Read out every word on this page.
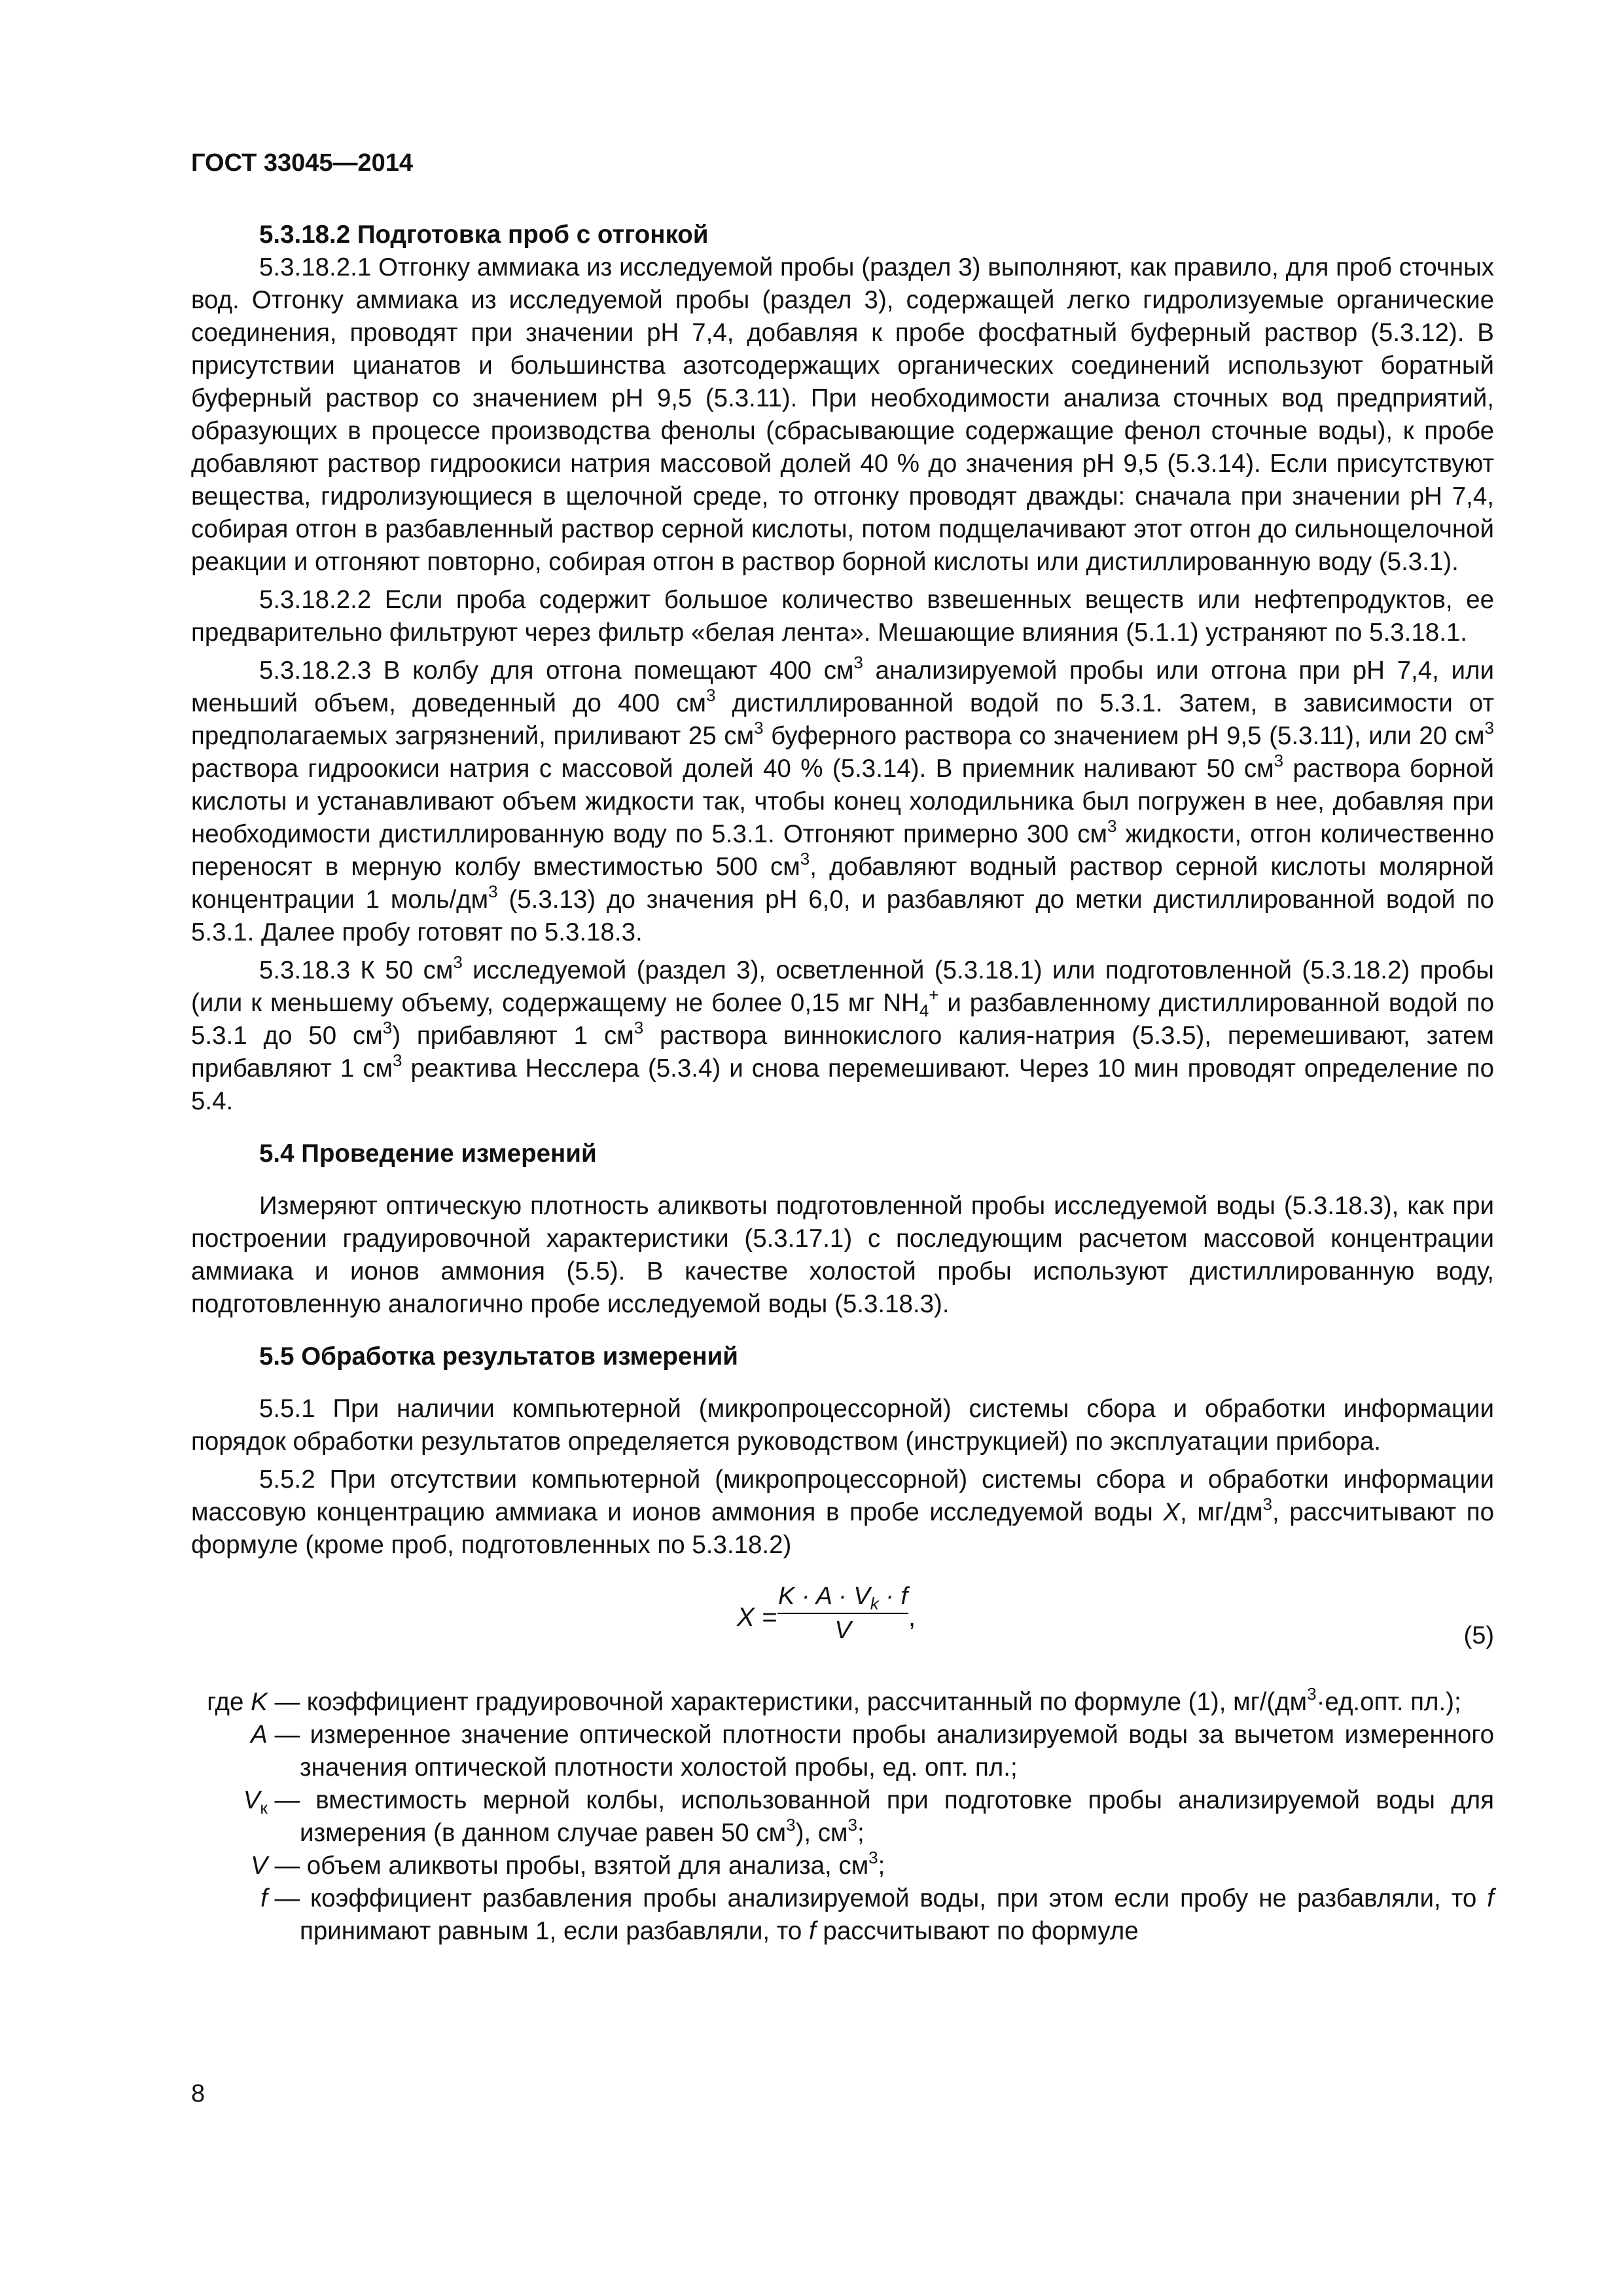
ГОСТ 33045—2014

5.3.18.2 Подготовка проб с отгонкой

5.3.18.2.1 Отгонку аммиака из исследуемой пробы (раздел 3) выполняют, как правило, для проб сточных вод. Отгонку аммиака из исследуемой пробы (раздел 3), содержащей легко гидролизуемые органические соединения, проводят при значении pH 7,4, добавляя к пробе фосфатный буферный раствор (5.3.12). В присутствии цианатов и большинства азотсодержащих органических соединений используют боратный буферный раствор со значением pH 9,5 (5.3.11). При необходимости анализа сточных вод предприятий, образующих в процессе производства фенолы (сбрасывающие содержащие фенол сточные воды), к пробе добавляют раствор гидроокиси натрия массовой долей 40 % до значения pH 9,5 (5.3.14). Если присутствуют вещества, гидролизующиеся в щелочной среде, то отгонку проводят дважды: сначала при значении pH 7,4, собирая отгон в разбавленный раствор серной кислоты, потом подщелачивают этот отгон до сильнощелочной реакции и отгоняют повторно, собирая отгон в раствор борной кислоты или дистиллированную воду (5.3.1).

5.3.18.2.2 Если проба содержит большое количество взвешенных веществ или нефтепродуктов, ее предварительно фильтруют через фильтр «белая лента». Мешающие влияния (5.1.1) устраняют по 5.3.18.1.

5.3.18.2.3 В колбу для отгона помещают 400 $см^3$ анализируемой пробы или отгона при pH 7,4, или меньший объем, доведенный до 400 $см^3$ дистиллированной водой по 5.3.1. Затем, в зависимости от предполагаемых загрязнений, приливают 25 $см^3$ буферного раствора со значением pH 9,5 (5.3.11), или 20 $см^3$ раствора гидроокиси натрия с массовой долей 40 % (5.3.14). В приемник наливают 50 $см^3$ раствора борной кислоты и устанавливают объем жидкости так, чтобы конец холодильника был погружен в нее, добавляя при необходимости дистиллированную воду по 5.3.1. Отгоняют примерно 300 $см^3$ жидкости, отгон количественно переносят в мерную колбу вместимостью 500 $см^3$, добавляют водный раствор серной кислоты молярной концентрации 1 моль/$дм^3$ (5.3.13) до значения pH 6,0, и разбавляют до метки дистиллированной водой по 5.3.1. Далее пробу готовят по 5.3.18.3.

5.3.18.3 К 50 $см^3$ исследуемой (раздел 3), осветленной (5.3.18.1) или подготовленной (5.3.18.2) пробы (или к меньшему объему, содержащему не более 0,15 мг $NH_4^+$ и разбавленному дистиллированной водой по 5.3.1 до 50 $см^3$) прибавляют 1 $см^3$ раствора виннокислого калия-натрия (5.3.5), перемешивают, затем прибавляют 1 $см^3$ реактива Несслера (5.3.4) и снова перемешивают. Через 10 мин проводят определение по 5.4.

5.4 Проведение измерений

Измеряют оптическую плотность аликвоты подготовленной пробы исследуемой воды (5.3.18.3), как при построении градуировочной характеристики (5.3.17.1) с последующим расчетом массовой концентрации аммиака и ионов аммония (5.5). В качестве холостой пробы используют дистиллированную воду, подготовленную аналогично пробе исследуемой воды (5.3.18.3).

5.5 Обработка результатов измерений

5.5.1 При наличии компьютерной (микропроцессорной) системы сбора и обработки информации порядок обработки результатов определяется руководством (инструкцией) по эксплуатации прибора.

5.5.2 При отсутствии компьютерной (микропроцессорной) системы сбора и обработки информации массовую концентрацию аммиака и ионов аммония в пробе исследуемой воды X, $мг/дм^3$, рассчитывают по формуле (кроме проб, подготовленных по 5.3.18.2)

X =
$K \cdot A \cdot V_k \cdot f$
V	,
(5)
где K — коэффициент градуировочной характеристики, рассчитанный по формуле (1), $мг/(дм^3\cdot ед.опт$. пл.);
A — измеренное значение оптической плотности пробы анализируемой воды за вычетом измеренного значения оптической плотности холостой пробы, ед. опт. пл.;
$V_к$ — вместимость мерной колбы, использованной при подготовке пробы анализируемой воды для измерения (в данном случае равен 50 $см^3$), $см^3$;
V — объем аликвоты пробы, взятой для анализа, $см^3$;
f — коэффициент разбавления пробы анализируемой воды, при этом если пробу не разбавляли, то f принимают равным 1, если разбавляли, то f рассчитывают по формуле
8
